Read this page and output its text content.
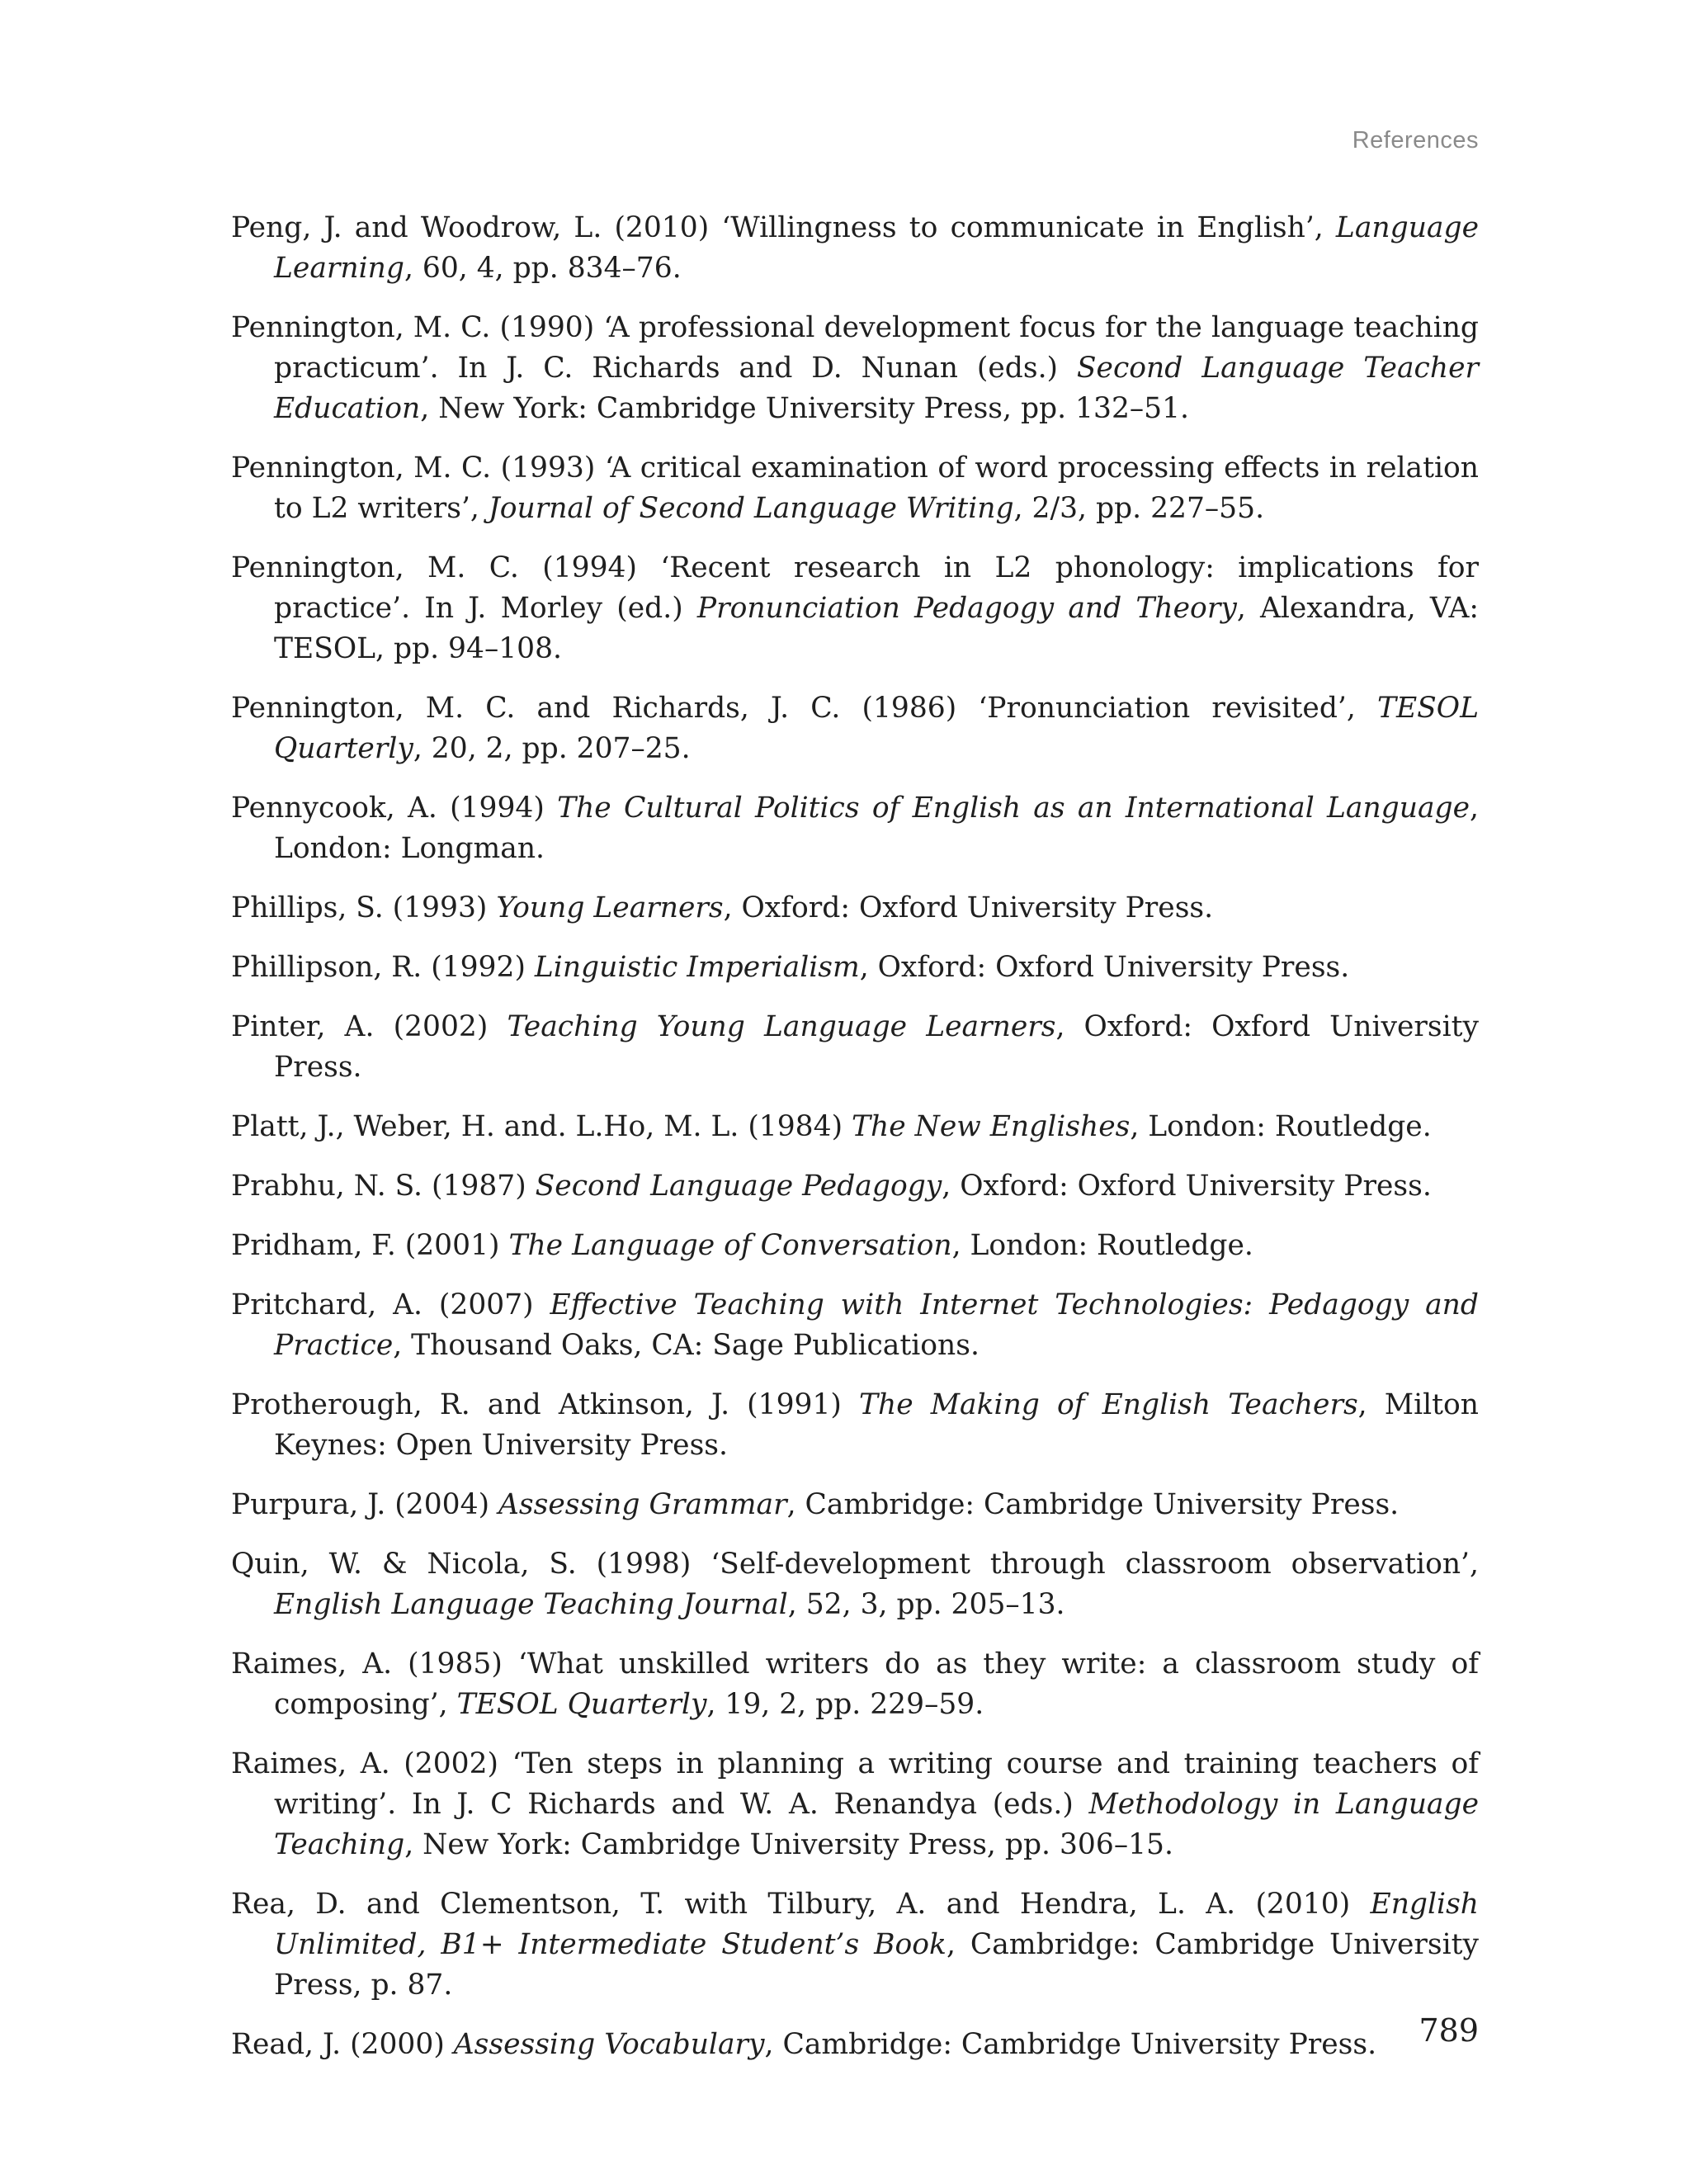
References
Peng, J. and Woodrow, L. (2010) ‘Willingness to communicate in English’, Language Learning, 60, 4, pp. 834–76.
Pennington, M. C. (1990) ‘A professional development focus for the language teaching practicum’. In J. C. Richards and D. Nunan (eds.) Second Language Teacher Education, New York: Cambridge University Press, pp. 132–51.
Pennington, M. C. (1993) ‘A critical examination of word processing effects in relation to L2 writers’, Journal of Second Language Writing, 2/3, pp. 227–55.
Pennington, M. C. (1994) ‘Recent research in L2 phonology: implications for practice’. In J. Morley (ed.) Pronunciation Pedagogy and Theory, Alexandra, VA: TESOL, pp. 94–108.
Pennington, M. C. and Richards, J. C. (1986) ‘Pronunciation revisited’, TESOL Quarterly, 20, 2, pp. 207–25.
Pennycook, A. (1994) The Cultural Politics of English as an International Language, London: Longman.
Phillips, S. (1993) Young Learners, Oxford: Oxford University Press.
Phillipson, R. (1992) Linguistic Imperialism, Oxford: Oxford University Press.
Pinter, A. (2002) Teaching Young Language Learners, Oxford: Oxford University Press.
Platt, J., Weber, H. and. L.Ho, M. L. (1984) The New Englishes, London: Routledge.
Prabhu, N. S. (1987) Second Language Pedagogy, Oxford: Oxford University Press.
Pridham, F. (2001) The Language of Conversation, London: Routledge.
Pritchard, A. (2007) Effective Teaching with Internet Technologies: Pedagogy and Practice, Thousand Oaks, CA: Sage Publications.
Protherough, R. and Atkinson, J. (1991) The Making of English Teachers, Milton Keynes: Open University Press.
Purpura, J. (2004) Assessing Grammar, Cambridge: Cambridge University Press.
Quin, W. & Nicola, S. (1998) ‘Self-development through classroom observation’, English Language Teaching Journal, 52, 3, pp. 205–13.
Raimes, A. (1985) ‘What unskilled writers do as they write: a classroom study of composing’, TESOL Quarterly, 19, 2, pp. 229–59.
Raimes, A. (2002) ‘Ten steps in planning a writing course and training teachers of writing’. In J. C Richards and W. A. Renandya (eds.) Methodology in Language Teaching, New York: Cambridge University Press, pp. 306–15.
Rea, D. and Clementson, T. with Tilbury, A. and Hendra, L. A. (2010) English Unlimited, B1+ Intermediate Student’s Book, Cambridge: Cambridge University Press, p. 87.
Read, J. (2000) Assessing Vocabulary, Cambridge: Cambridge University Press.	789
